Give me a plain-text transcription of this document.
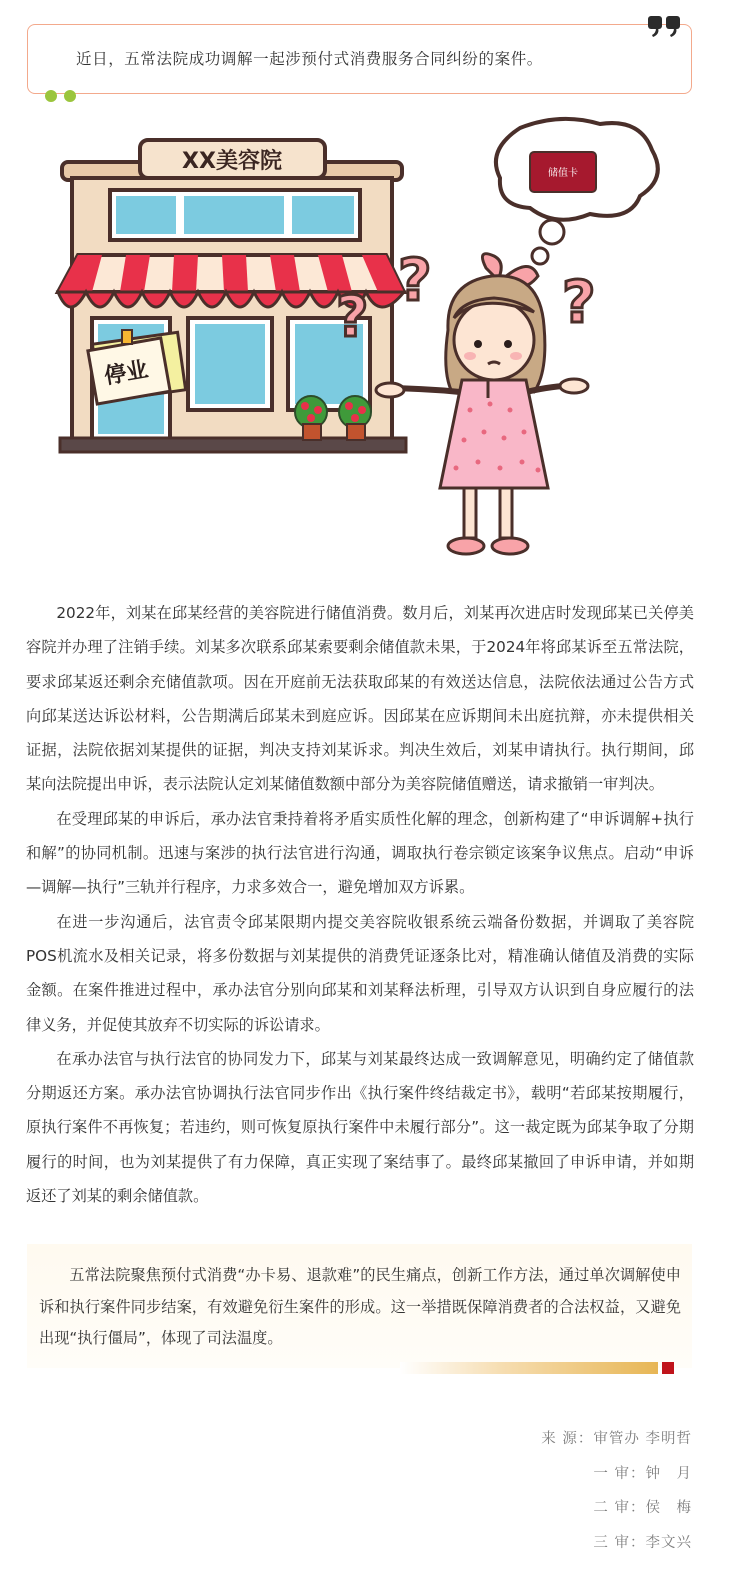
近日，五常法院成功调解一起涉预付式消费服务合同纠纷的案件。
XX美容院
停业
储值卡
?
?	?

2022年，刘某在邱某经营的美容院进行储值消费。数月后，刘某再次进店时发现邱某已关停美容院并办理了注销手续。刘某多次联系邱某索要剩余储值款未果，于2024年将邱某诉至五常法院，要求邱某返还剩余充储值款项。因在开庭前无法获取邱某的有效送达信息，法院依法通过公告方式向邱某送达诉讼材料，公告期满后邱某未到庭应诉。因邱某在应诉期间未出庭抗辩，亦未提供相关证据，法院依据刘某提供的证据，判决支持刘某诉求。判决生效后，刘某申请执行。执行期间，邱某向法院提出申诉，表示法院认定刘某储值数额中部分为美容院储值赠送，请求撤销一审判决。

在受理邱某的申诉后，承办法官秉持着将矛盾实质性化解的理念，创新构建了“申诉调解+执行和解”的协同机制。迅速与案涉的执行法官进行沟通，调取执行卷宗锁定该案争议焦点。启动“申诉—调解—执行”三轨并行程序，力求多效合一，避免增加双方诉累。

在进一步沟通后，法官责令邱某限期内提交美容院收银系统云端备份数据，并调取了美容院POS机流水及相关记录，将多份数据与刘某提供的消费凭证逐条比对，精准确认储值及消费的实际金额。在案件推进过程中，承办法官分别向邱某和刘某释法析理，引导双方认识到自身应履行的法律义务，并促使其放弃不切实际的诉讼请求。

在承办法官与执行法官的协同发力下，邱某与刘某最终达成一致调解意见，明确约定了储值款分期返还方案。承办法官协调执行法官同步作出《执行案件终结裁定书》，载明“若邱某按期履行，原执行案件不再恢复；若违约，则可恢复原执行案件中未履行部分”。这一裁定既为邱某争取了分期履行的时间，也为刘某提供了有力保障，真正实现了案结事了。最终邱某撤回了申诉申请，并如期返还了刘某的剩余储值款。

五常法院聚焦预付式消费“办卡易、退款难”的民生痛点，创新工作方法，通过单次调解使申诉和执行案件同步结案，有效避免衍生案件的形成。这一举措既保障消费者的合法权益，又避免出现“执行僵局”，体现了司法温度。
来 源：审管办 李明哲
一 审：钟　月
二 审：侯　梅
三 审：李文兴
